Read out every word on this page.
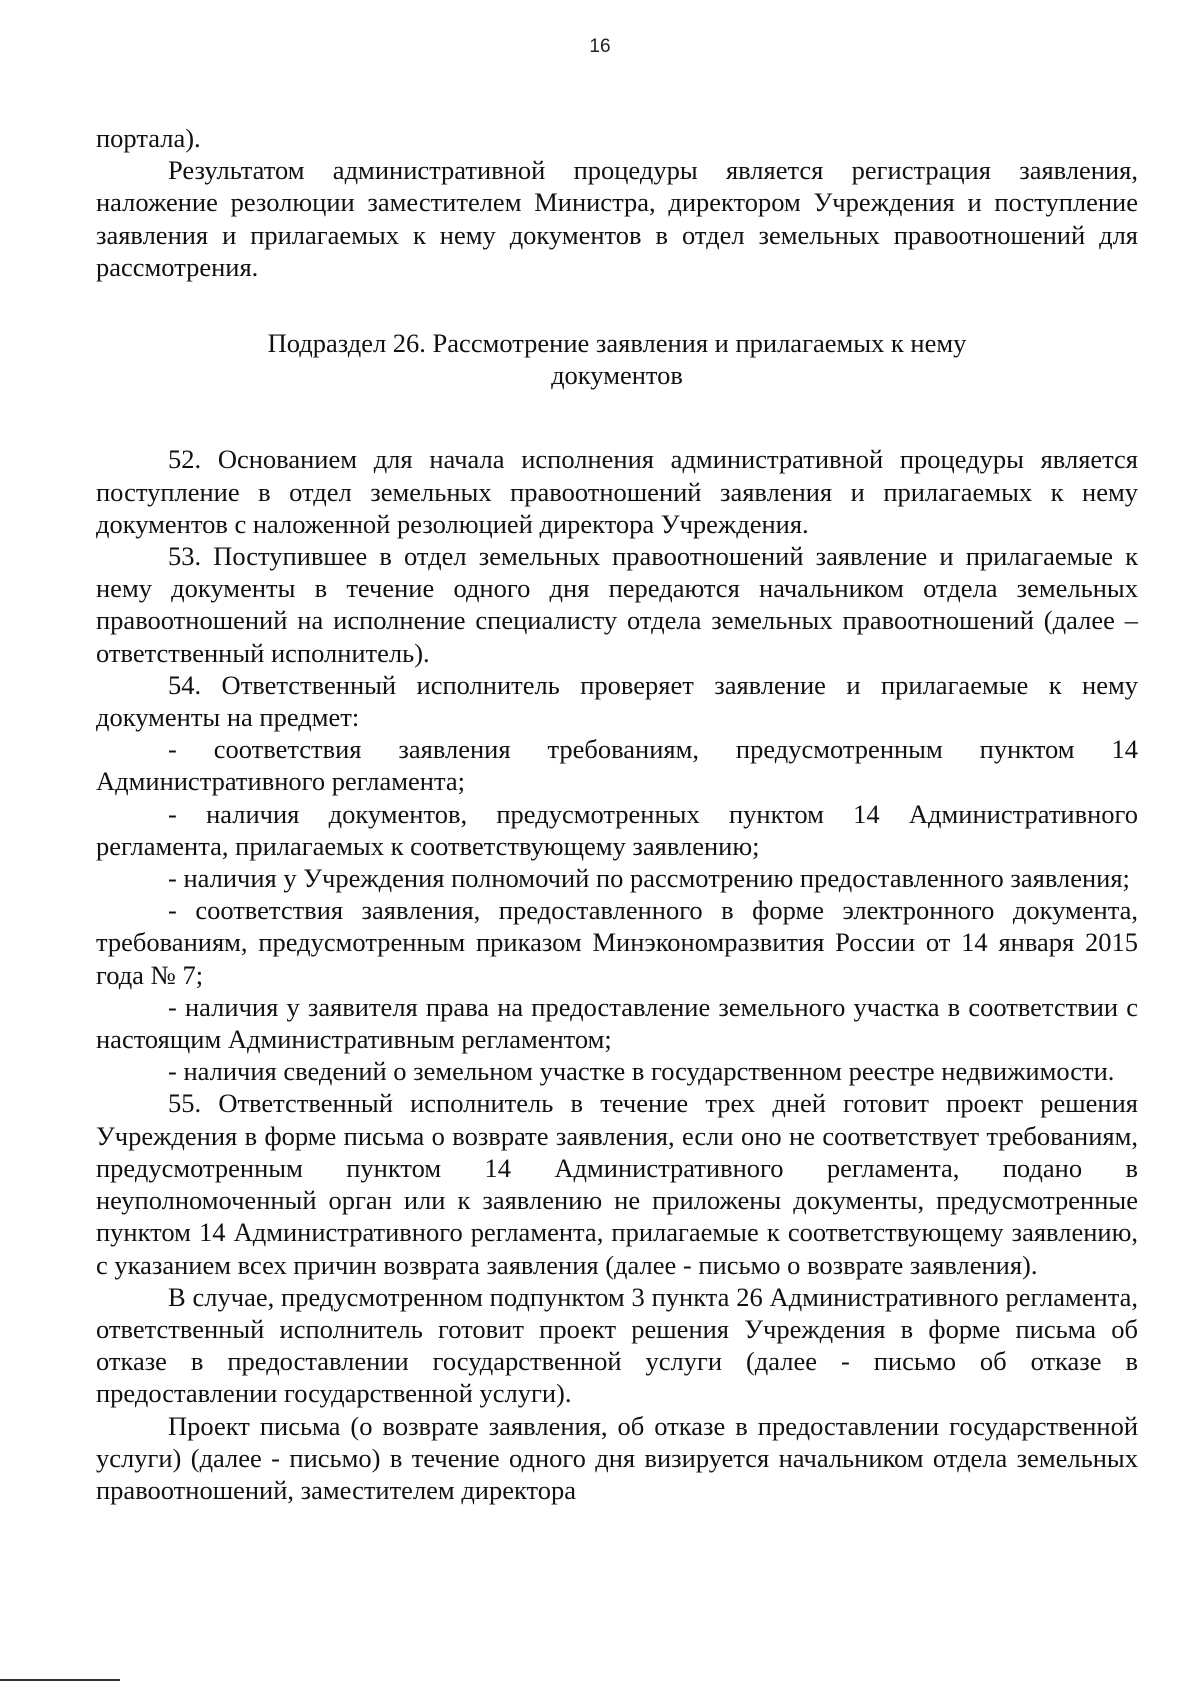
16

портала).

Результатом административной процедуры является регистрация заявления, наложение резолюции заместителем Министра, директором Учреждения и поступление заявления и прилагаемых к нему документов в отдел земельных правоотношений для рассмотрения.

Подраздел 26. Рассмотрение заявления и прилагаемых к нему
документов

52. Основанием для начала исполнения административной процедуры является поступление в отдел земельных правоотношений заявления и прилагаемых к нему документов с наложенной резолюцией директора Учреждения.

53. Поступившее в отдел земельных правоотношений заявление и прилагаемые к нему документы в течение одного дня передаются начальником отдела земельных правоотношений на исполнение специалисту отдела земельных правоотношений (далее – ответственный исполнитель).

54. Ответственный исполнитель проверяет заявление и прилагаемые к нему документы на предмет:

- соответствия заявления требованиям, предусмотренным пунктом 14 Административного регламента;

- наличия документов, предусмотренных пунктом 14 Административного регламента, прилагаемых к соответствующему заявлению;

- наличия у Учреждения полномочий по рассмотрению предоставленного заявления;

- соответствия заявления, предоставленного в форме электронного документа, требованиям, предусмотренным приказом Минэкономразвития России от 14 января 2015 года № 7;

- наличия у заявителя права на предоставление земельного участка в соответствии с настоящим Административным регламентом;

- наличия сведений о земельном участке в государственном реестре недвижимости.

55. Ответственный исполнитель в течение трех дней готовит проект решения Учреждения в форме письма о возврате заявления, если оно не соответствует требованиям, предусмотренным пунктом 14 Административного регламента, подано в неуполномоченный орган или к заявлению не приложены документы, предусмотренные пунктом 14 Административного регламента, прилагаемые к соответствующему заявлению, с указанием всех причин возврата заявления (далее - письмо о возврате заявления).

В случае, предусмотренном подпунктом 3 пункта 26 Административного регламента, ответственный исполнитель готовит проект решения Учреждения в форме письма об отказе в предоставлении государственной услуги (далее - письмо об отказе в предоставлении государственной услуги).

Проект письма (о возврате заявления, об отказе в предоставлении государственной услуги) (далее - письмо) в течение одного дня визируется начальником отдела земельных правоотношений, заместителем директора
